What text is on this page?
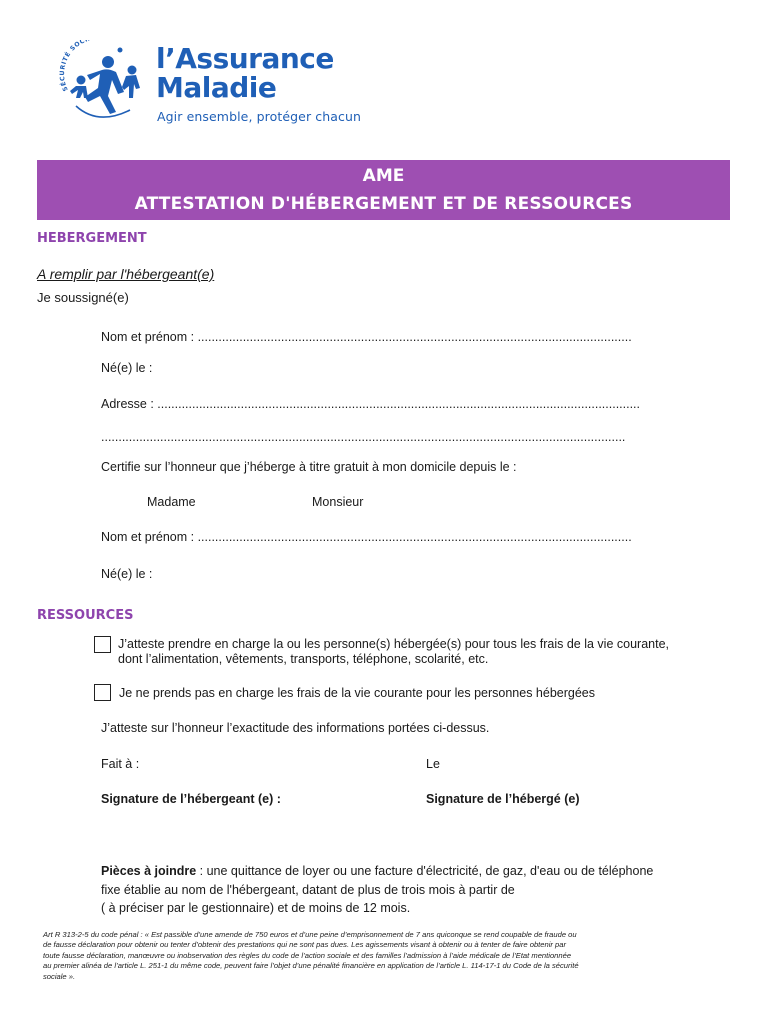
SÉCURITÉ SOC
l’Assurance
Maladie
Agir ensemble, protéger chacun
AME
ATTESTATION D'HÉBERGEMENT ET DE RESSOURCES
HEBERGEMENT
A remplir par l'hébergeant(e)
Je soussigné(e)
Nom et prénom : .............................................................................................................................
Né(e) le :
Adresse : ...........................................................................................................................................
.......................................................................................................................................................
Certifie sur l’honneur que j’héberge à titre gratuit à mon domicile depuis le :
Madame	Monsieur
Nom et prénom : .............................................................................................................................
Né(e) le :
RESSOURCES
J’atteste prendre en charge la ou les personne(s) hébergée(s) pour tous les frais de la vie courante,
dont l’alimentation, vêtements, transports, téléphone, scolarité, etc.
Je ne prends pas en charge les frais de la vie courante pour les personnes hébergées
J’atteste sur l’honneur l’exactitude des informations portées ci-dessus.
Fait à :	Le
Signature de l’hébergeant (e) :	Signature de l’hébergé (e)
Pièces à joindre : une quittance de loyer ou une facture d'électricité, de gaz, d'eau ou de téléphone
fixe établie au nom de l'hébergeant, datant de plus de trois mois à partir de
( à préciser par le gestionnaire) et de moins de 12 mois.
Art R 313-2-5 du code pénal : « Est passible d’une amende de 750 euros et d’une peine d’emprisonnement de 7 ans quiconque se rend coupable de fraude ou
de fausse déclaration pour obtenir ou tenter d’obtenir des prestations qui ne sont pas dues. Les agissements visant à obtenir ou à tenter de faire obtenir par
toute fausse déclaration, manœuvre ou inobservation des règles du code de l’action sociale et des familles l’admission à l’aide médicale de l’Etat mentionnée
au premier alinéa de l’article L. 251-1 du même code, peuvent faire l’objet d’une pénalité financière en application de l’article L. 114-17-1 du Code de la sécurité
sociale ».
